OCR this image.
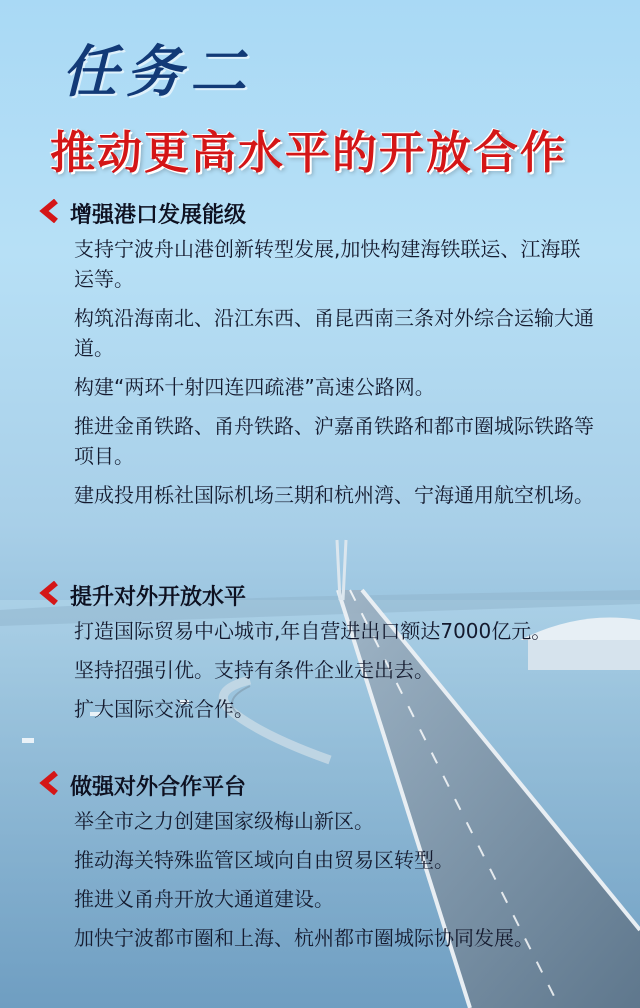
任务二
推动更高水平的开放合作
增强港口发展能级
支持宁波舟山港创新转型发展,加快构建海铁联运、江海联运等。
构筑沿海南北、沿江东西、甬昆西南三条对外综合运输大通道。
构建“两环十射四连四疏港”高速公路网。
推进金甬铁路、甬舟铁路、沪嘉甬铁路和都市圈城际铁路等项目。
建成投用栎社国际机场三期和杭州湾、宁海通用航空机场。
提升对外开放水平
打造国际贸易中心城市,年自营进出口额达7000亿元。
坚持招强引优。支持有条件企业走出去。
扩大国际交流合作。
做强对外合作平台
举全市之力创建国家级梅山新区。
推动海关特殊监管区域向自由贸易区转型。
推进义甬舟开放大通道建设。
加快宁波都市圈和上海、杭州都市圈城际协同发展。
